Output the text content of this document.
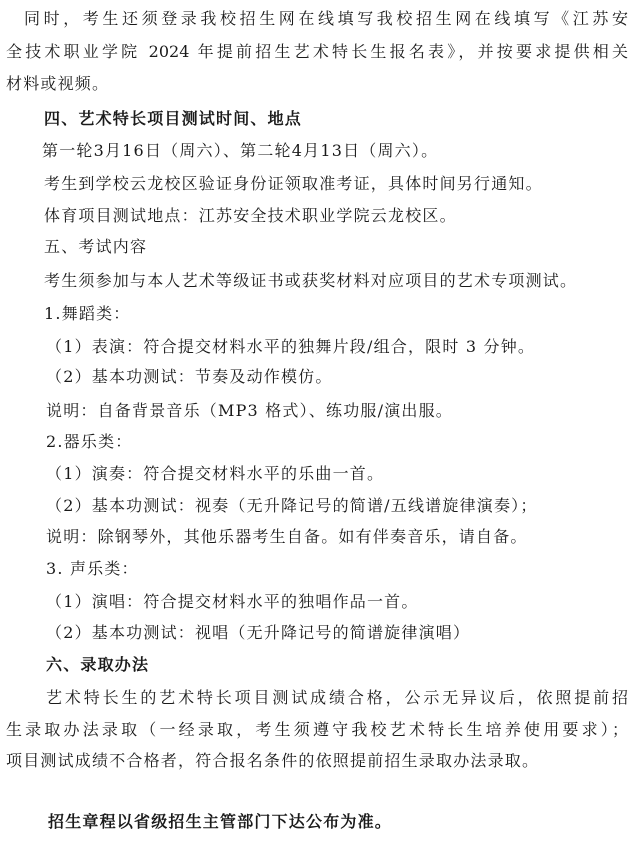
同时，考生还须登录我校招生网在线填写我校招生网在线填写《江苏安
全技术职业学院 2024 年提前招生艺术特长生报名表》，并按要求提供相关
材料或视频。
四、艺术特长项目测试时间、地点
第一轮3月16日（周六）、第二轮4月13日（周六）。
考生到学校云龙校区验证身份证领取准考证，具体时间另行通知。
体育项目测试地点：江苏安全技术职业学院云龙校区。
五、考试内容
考生须参加与本人艺术等级证书或获奖材料对应项目的艺术专项测试。
1.舞蹈类：
（1）表演：符合提交材料水平的独舞片段/组合，限时 3 分钟。
（2）基本功测试：节奏及动作模仿。
说明：自备背景音乐（MP3 格式）、练功服/演出服。
2.器乐类：
（1）演奏：符合提交材料水平的乐曲一首。
（2）基本功测试：视奏（无升降记号的简谱/五线谱旋律演奏）；
说明：除钢琴外，其他乐器考生自备。如有伴奏音乐，请自备。
3. 声乐类：
（1）演唱：符合提交材料水平的独唱作品一首。
（2）基本功测试：视唱（无升降记号的简谱旋律演唱）
六、录取办法
艺术特长生的艺术特长项目测试成绩合格，公示无异议后，依照提前招
生录取办法录取（一经录取，考生须遵守我校艺术特长生培养使用要求）；
项目测试成绩不合格者，符合报名条件的依照提前招生录取办法录取。
招生章程以省级招生主管部门下达公布为准。
